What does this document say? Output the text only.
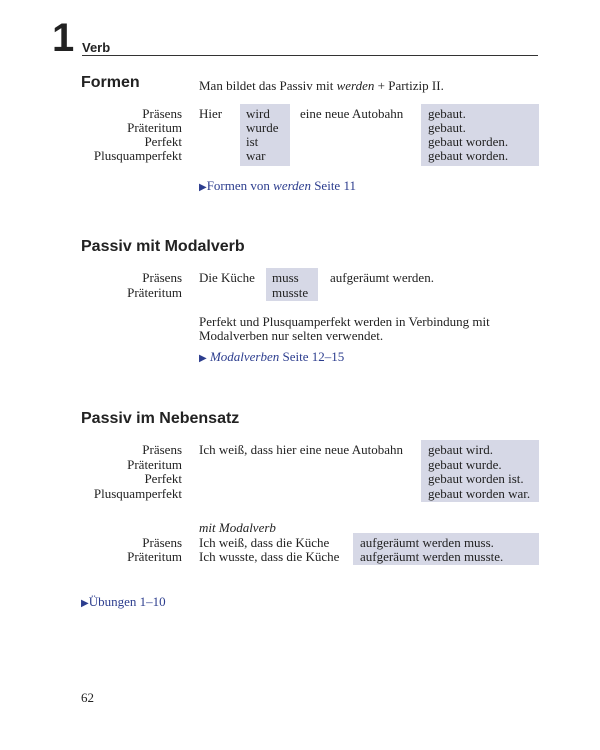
1 Verb
Formen	Man bildet das Passiv mit werden + Partizip II.
Präsens
Präteritum
Perfekt
Plusquamperfekt
Hier wird
wurde
ist
war
eine neue Autobahn gebaut.
gebaut.
gebaut worden.
gebaut worden.
▶Formen von werden Seite 11
Passiv mit Modalverb
Präsens
Präteritum
Die Küche muss
musste
aufgeräumt werden.
Perfekt und Plusquamperfekt werden in Verbindung mit
Modalverben nur selten verwendet.
▶ Modalverben Seite 12–15
Passiv im Nebensatz
Präsens
Präteritum
Perfekt
Plusquamperfekt
Ich weiß, dass hier eine neue Autobahn gebaut wird.
gebaut wurde.
gebaut worden ist.
gebaut worden war.
mit Modalverb
Präsens
Präteritum
Ich weiß, dass die Küche
Ich wusste, dass die Küche
aufgeräumt werden muss.
aufgeräumt werden musste.
▶Übungen 1–10
62
